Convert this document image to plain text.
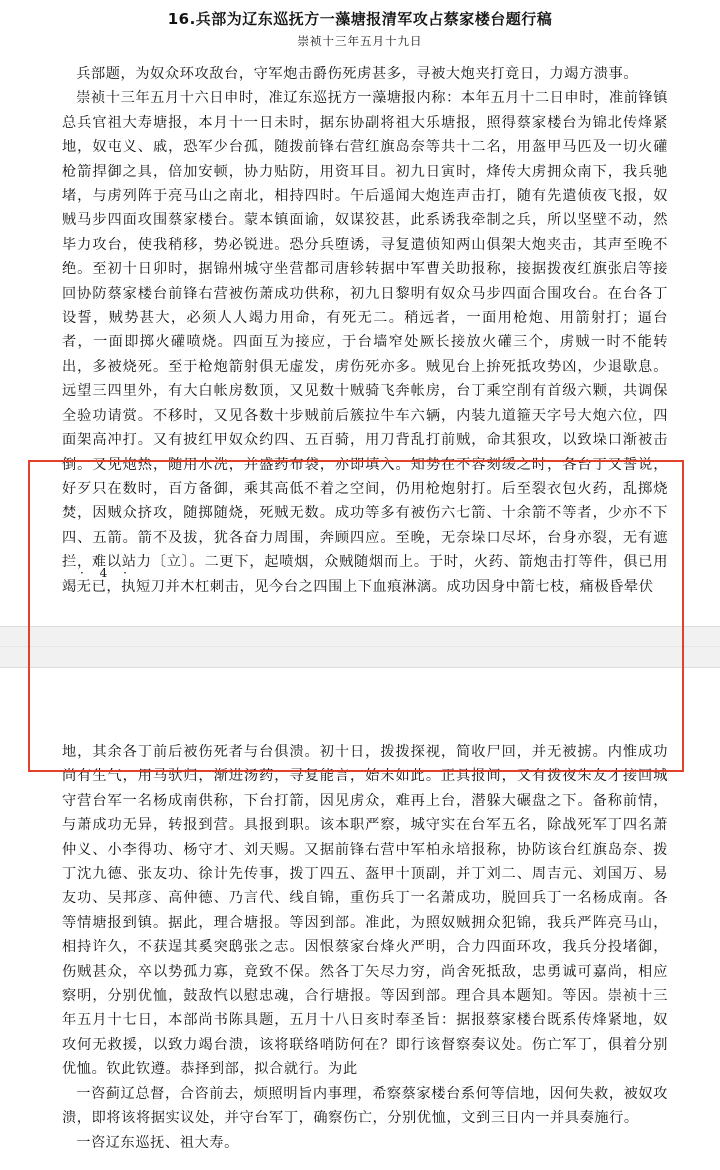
16.兵部为辽东巡抚方一藻塘报清军攻占蔡家楼台题行稿
崇祯十三年五月十九日

兵部题，为奴众环攻敌台，守军炮击爵伤死虏甚多，寻被大炮夹打竟日，力竭方溃事。

崇祯十三年五月十六日申时，准辽东巡抚方一藻塘报内称：本年五月十二日申时，准前锋镇总兵官祖大寿塘报，本月十一日未时，据东协副将祖大乐塘报，照得蔡家楼台为锦北传烽紧地，奴屯义、戚，恐军少台孤，随拨前锋右营红旗岛奈等共十二名，用盔甲马匹及一切火礶枪箭捍御之具，倍加安顿，协力贴防，用资耳目。初九日寅时，烽传大虏拥众南下，我兵驰堵，与虏列阵于亮马山之南北，相持四时。午后遥闻大炮连声击打，随有先遣侦夜飞报，奴贼马步四面攻围蔡家楼台。蒙本镇面谕，奴谋狡甚，此系诱我牵制之兵，所以坚壁不动，然毕力攻台，使我稍移，势必锐进。恐分兵堕诱，寻复遣侦知两山俱架大炮夹击，其声至晚不绝。至初十日卯时，据锦州城守坐营都司唐轸转据中军曹关助报称，接据拨夜红旗张启等接回协防蔡家楼台前锋右营被伤萧成功供称，初九日黎明有奴众马步四面合围攻台。在台各丁设誓，贼势甚大，必须人人竭力用命，有死无二。稍远者，一面用枪炮、用箭射打；逼台者，一面即掷火礶喷烧。四面互为接应，于台墙窄处厥长接放火礶三个，虏贼一时不能转出，多被烧死。至于枪炮箭射俱无虚发，虏伤死亦多。贼见台上拚死抵攻势凶，少退歇息。远望三四里外，有大白帐房数顶，又见数十贼骑飞奔帐房，台丁乘空削有首级六颗，共调保全验功请赏。不移时，又见各数十步贼前后簇拉牛车六辆，内装九道箍天字号大炮六位，四面架高冲打。又有披红甲奴众约四、五百骑，用刀背乱打前贼，命其狠攻，以致垛口渐被击倒。又见炮热，随用水洗，并盛药布袋，亦即填入。知势在不容刻缓之时，各台丁又誓说，好歹只在数时，百方备御，乘其高低不着之空间，仍用枪炮射打。后至裂衣包火药，乱掷烧焚，因贼众挤攻，随掷随烧，死贼无数。成功等多有被伤六七箭、十余箭不等者，少亦不下四、五箭。箭不及拔，犹各奋力周围，奔顾四应。至晚，无奈垛口尽坏，台身亦裂，无有遮拦，难以站力〔立〕。二更下，起喷烟，众贼随烟而上。于时，火药、箭炮击打等件，俱已用竭无已，执短刀并木杠刺击，见今台之四围上下血痕淋漓。成功因身中箭七枝，痛极昏晕伏

· 4 ·

地，其余各丁前后被伤死者与台俱溃。初十日，拨拨探视，简收尸回，并无被掳。内惟成功尚有生气，用马驮归，渐进汤药，寻复能言，始末如此。正具报间，又有拨夜朱友才接回城守营台军一名杨成南供称，下台打箭，因见虏众，难再上台，潜躲大碾盘之下。备称前情，与萧成功无异，转报到营。具报到职。该本职严察，城守实在台军五名，除战死军丁四名萧仲义、小李得功、杨守才、刘天赐。又据前锋右营中军柏永培报称，协防该台红旗岛奈、拨丁沈九德、张友功、徐计先传事，拨丁四五、盔甲十顶副，并丁刘二、周吉元、刘国万、易友功、吴邦彦、高仲德、乃言代、线自锦，重伤兵丁一名萧成功，脱回兵丁一名杨成南。各等情塘报到镇。据此，理合塘报。等因到部。准此，为照奴贼拥众犯锦，我兵严阵亮马山，相持许久，不获逞其奚突鸱张之志。因恨蔡家台烽火严明，合力四面环攻，我兵分投堵御，伤贼甚众，卒以势孤力寡，竟致不保。然各丁矢尽力穷，尚舍死抵敌，忠勇诚可嘉尚，相应察明，分别优恤，鼓敌忾以慰忠魂，合行塘报。等因到部。理合具本题知。等因。崇祯十三年五月十七日，本部尚书陈具题，五月十八日亥时奉圣旨：据报蔡家楼台既系传烽紧地，奴攻何无救援，以致力竭台溃，该将联络哨防何在？即行该督察奏议处。伤亡军丁，俱着分别优恤。钦此钦遵。恭择到部，拟合就行。为此

一咨蓟辽总督，合咨前去，烦照明旨内事理，希察蔡家楼台系何等信地，因何失救，被奴攻溃，即将该将据实议处，并守台军丁，确察伤亡，分别优恤，文到三日内一并具奏施行。

一咨辽东巡抚、祖大寿。
